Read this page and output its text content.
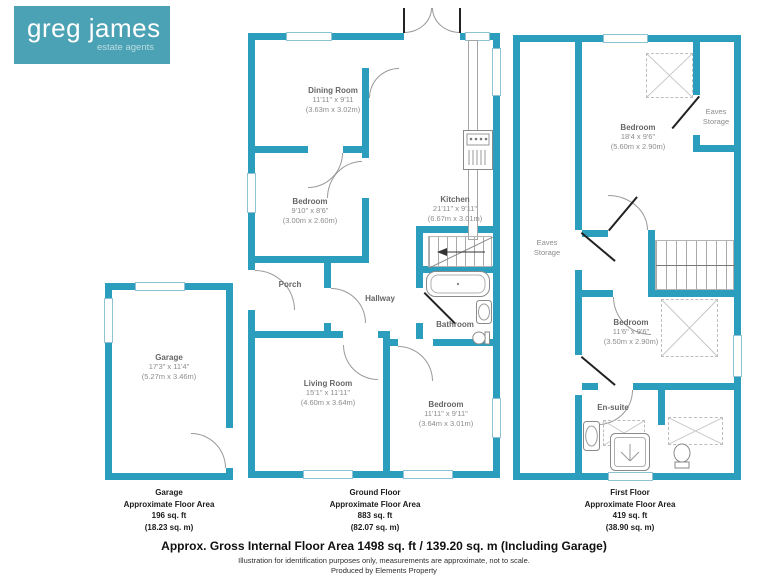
greg james
estate agents
Dining Room
11'11" x 9'11
(3.63m x 3.02m)
Kitchen
21'11" x 9'11"
(6.67m x 3.01m)
Bedroom
9'10" x 8'6"
(3.00m x 2.60m)
Porch
Hallway
Bathroom
Living Room
15'1" x 11'11"
(4.60m x 3.64m)	Bedroom
11'11" x 9'11"
(3.64m x 3.01m)
Garage
17'3" x 11'4"
(5.27m x 3.46m)
Bedroom
18'4 x 9'6"
(5.60m x 2.90m)
Eaves
Storage
Eaves
Storage
Bedroom
11'6" x 9'6"
(3.50m x 2.90m)
En-suite
Garage
Approximate Floor Area
196 sq. ft
(18.23 sq. m)
Ground Floor
Approximate Floor Area
883 sq. ft
(82.07 sq. m)
First Floor
Approximate Floor Area
419 sq. ft
(38.90 sq. m)
Approx. Gross Internal Floor Area 1498 sq. ft / 139.20 sq. m (Including Garage)
Illustration for identification purposes only, measurements are approximate, not to scale.
Produced by Elements Property
